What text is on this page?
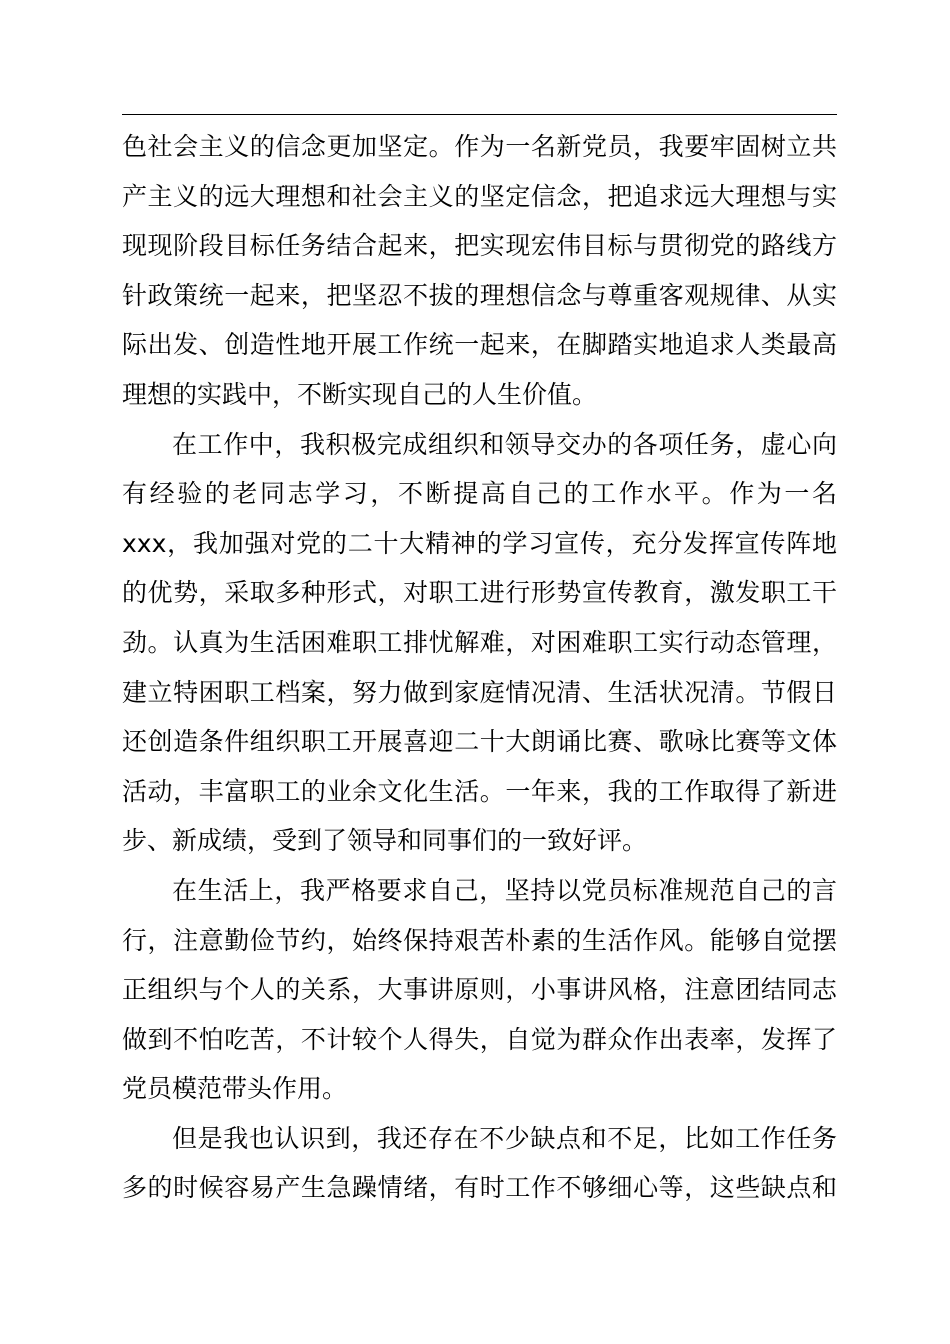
色社会主义的信念更加坚定。作为一名新党员，我要牢固树立共
产主义的远大理想和社会主义的坚定信念，把追求远大理想与实
现现阶段目标任务结合起来，把实现宏伟目标与贯彻党的路线方
针政策统一起来，把坚忍不拔的理想信念与尊重客观规律、从实
际出发、创造性地开展工作统一起来，在脚踏实地追求人类最高
理想的实践中，不断实现自己的人生价值。
在工作中，我积极完成组织和领导交办的各项任务，虚心向
有经验的老同志学习，不断提高自己的工作水平。作为一名
xxx，我加强对党的二十大精神的学习宣传，充分发挥宣传阵地
的优势，采取多种形式，对职工进行形势宣传教育，激发职工干
劲。认真为生活困难职工排忧解难，对困难职工实行动态管理，
建立特困职工档案，努力做到家庭情况清、生活状况清。节假日
还创造条件组织职工开展喜迎二十大朗诵比赛、歌咏比赛等文体
活动，丰富职工的业余文化生活。一年来，我的工作取得了新进
步、新成绩，受到了领导和同事们的一致好评。
在生活上，我严格要求自己，坚持以党员标准规范自己的言
行，注意勤俭节约，始终保持艰苦朴素的生活作风。能够自觉摆
正组织与个人的关系，大事讲原则，小事讲风格，注意团结同志
做到不怕吃苦，不计较个人得失，自觉为群众作出表率，发挥了
党员模范带头作用。
但是我也认识到，我还存在不少缺点和不足，比如工作任务
多的时候容易产生急躁情绪，有时工作不够细心等，这些缺点和
